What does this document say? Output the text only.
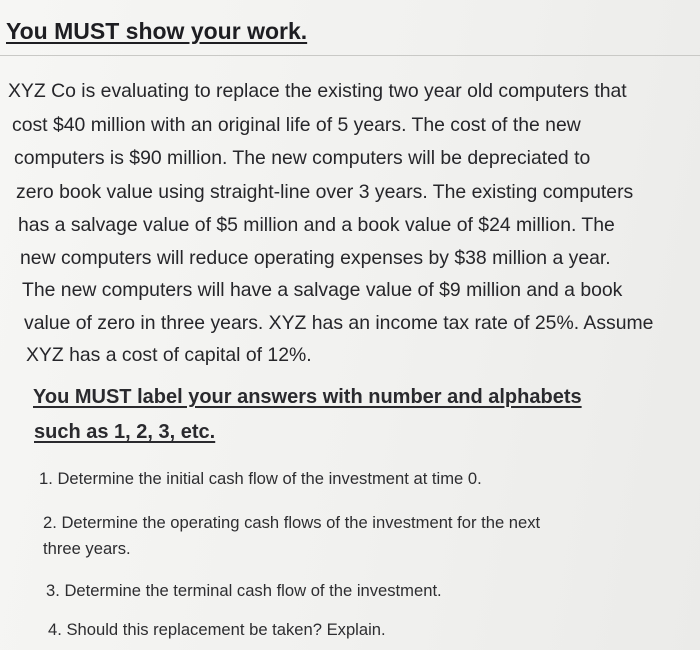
You MUST show your work.

XYZ Co is evaluating to replace the existing two year old computers that

cost $40 million with an original life of 5 years. The cost of the new

computers is $90 million. The new computers will be depreciated to

zero book value using straight-line over 3 years. The existing computers

has a salvage value of $5 million and a book value of $24 million. The

new computers will reduce operating expenses by $38 million a year.

The new computers will have a salvage value of $9 million and a book

value of zero in three years. XYZ has an income tax rate of 25%. Assume

XYZ has a cost of capital of 12%.

You MUST label your answers with number and alphabets

such as 1, 2, 3, etc.

1. Determine the initial cash flow of the investment at time 0.

2. Determine the operating cash flows of the investment for the next

three years.

3. Determine the terminal cash flow of the investment.

4. Should this replacement be taken? Explain.
